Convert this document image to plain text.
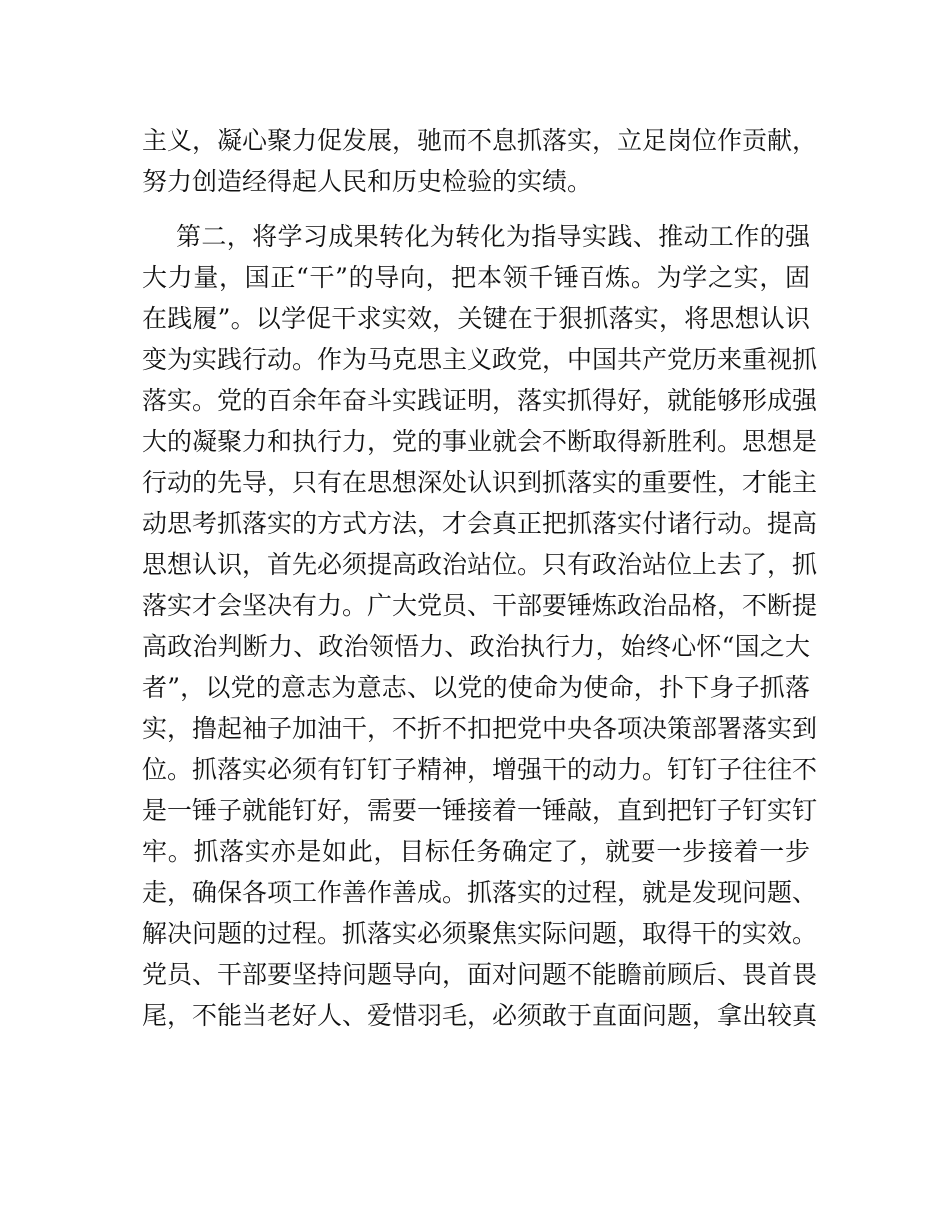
主义，凝心聚力促发展，驰而不息抓落实，立足岗位作贡献，
努力创造经得起人民和历史检验的实绩。
第二，将学习成果转化为转化为指导实践、推动工作的强
大力量，国正“干”的导向，把本领千锤百炼。为学之实，固
在践履”。以学促干求实效，关键在于狠抓落实，将思想认识
变为实践行动。作为马克思主义政党，中国共产党历来重视抓
落实。党的百余年奋斗实践证明，落实抓得好，就能够形成强
大的凝聚力和执行力，党的事业就会不断取得新胜利。思想是
行动的先导，只有在思想深处认识到抓落实的重要性，才能主
动思考抓落实的方式方法，才会真正把抓落实付诸行动。提高
思想认识，首先必须提高政治站位。只有政治站位上去了，抓
落实才会坚决有力。广大党员、干部要锤炼政治品格，不断提
高政治判断力、政治领悟力、政治执行力，始终心怀“国之大
者”，以党的意志为意志、以党的使命为使命，扑下身子抓落
实，撸起袖子加油干，不折不扣把党中央各项决策部署落实到
位。抓落实必须有钉钉子精神，增强干的动力。钉钉子往往不
是一锤子就能钉好，需要一锤接着一锤敲，直到把钉子钉实钉
牢。抓落实亦是如此，目标任务确定了，就要一步接着一步
走，确保各项工作善作善成。抓落实的过程，就是发现问题、
解决问题的过程。抓落实必须聚焦实际问题，取得干的实效。
党员、干部要坚持问题导向，面对问题不能瞻前顾后、畏首畏
尾，不能当老好人、爱惜羽毛，必须敢于直面问题，拿出较真
